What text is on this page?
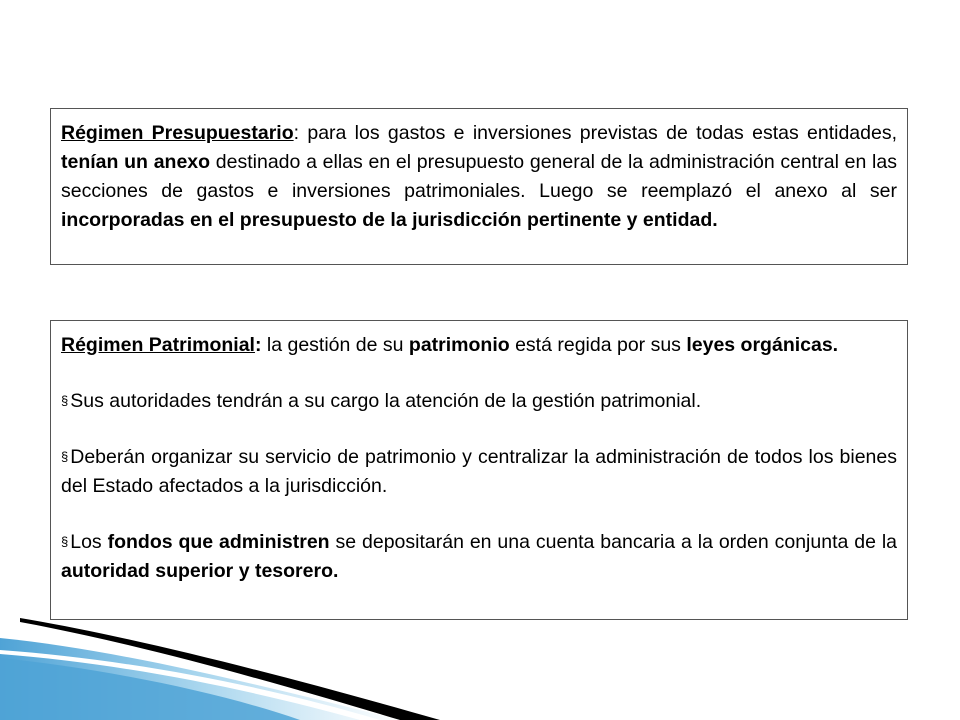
Régimen Presupuestario: para los gastos e inversiones previstas de todas estas entidades, tenían un anexo destinado a ellas en el presupuesto general de la administración central en las secciones de gastos e inversiones patrimoniales. Luego se reemplazó el anexo al ser incorporadas en el presupuesto de la jurisdicción pertinente y entidad.

Régimen Patrimonial: la gestión de su patrimonio está regida por sus leyes orgánicas.

§ Sus autoridades tendrán a su cargo la atención de la gestión patrimonial.

§ Deberán organizar su servicio de patrimonio y centralizar la administración de todos los bienes del Estado afectados a la jurisdicción.

§ Los fondos que administren se depositarán en una cuenta bancaria a la orden conjunta de la autoridad superior y tesorero.
